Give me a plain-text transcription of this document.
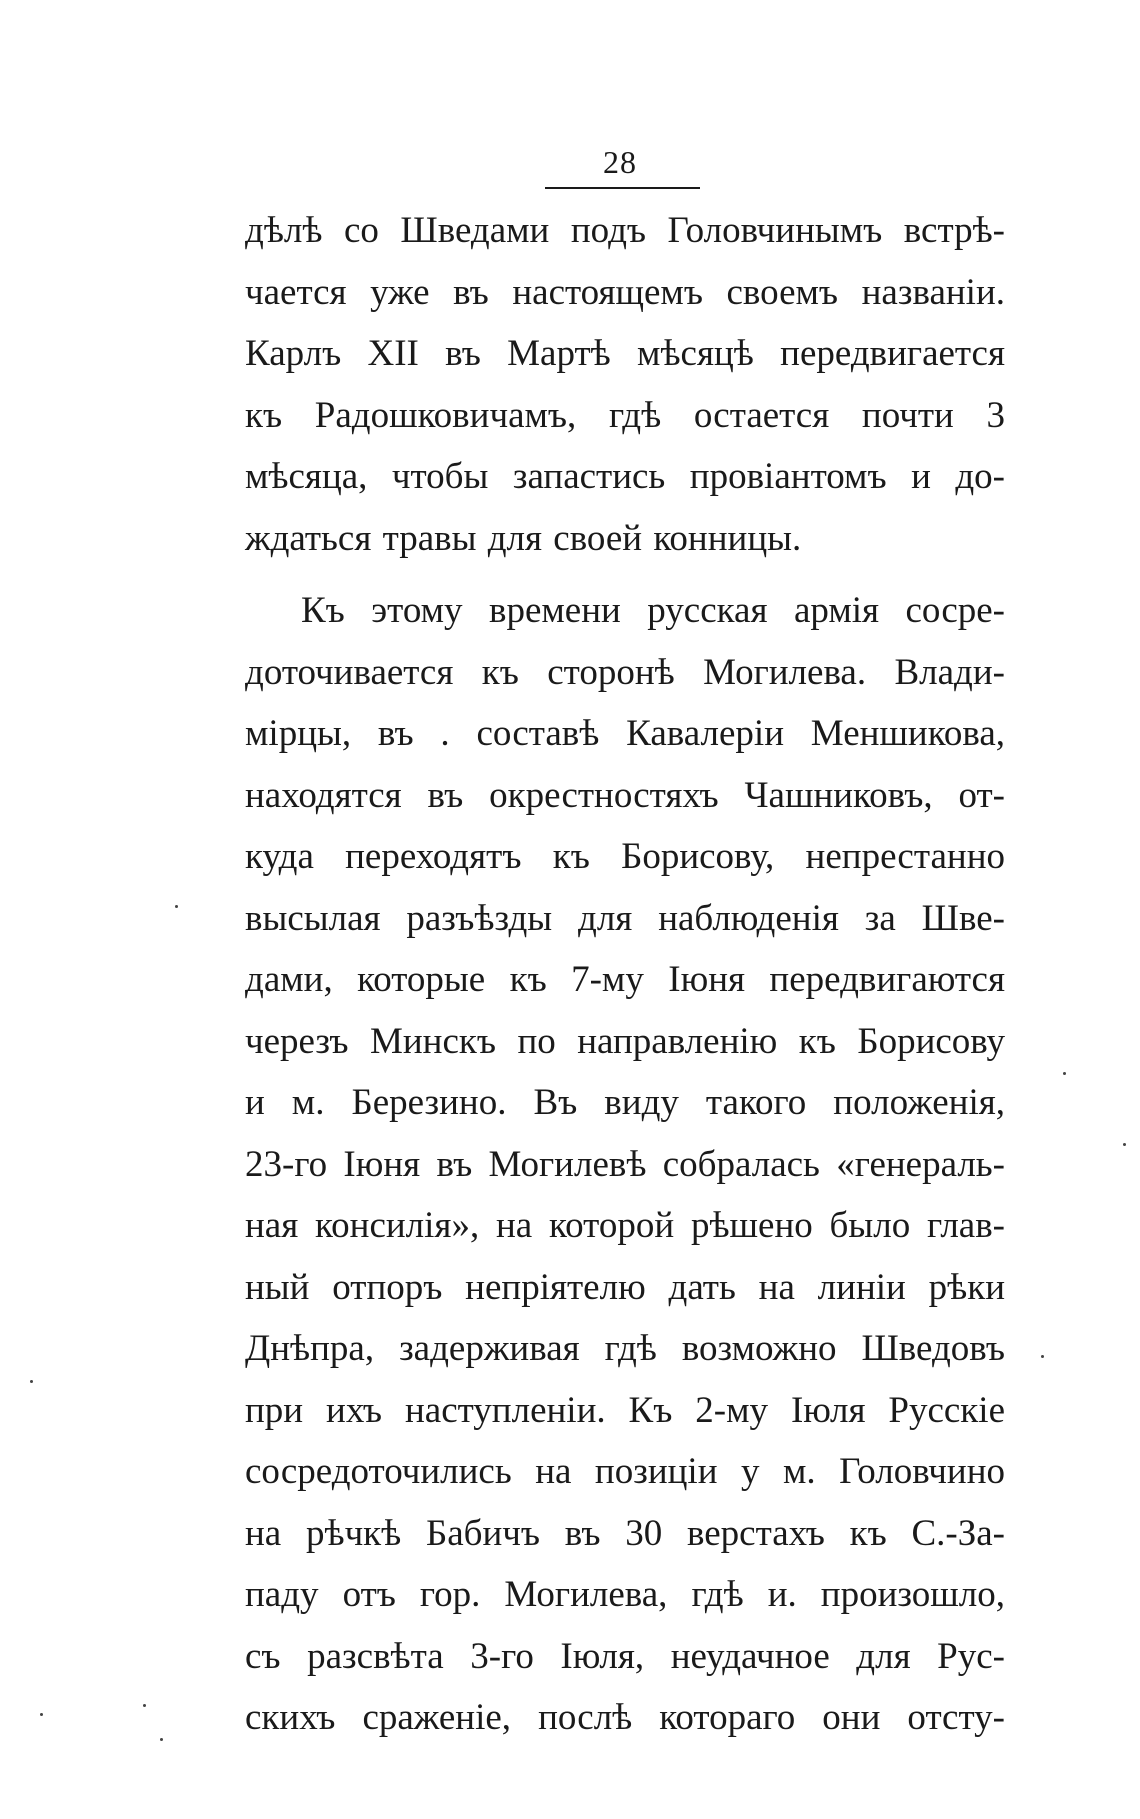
28
дѣлѣ со Шведами подъ Головчинымъ встрѣ-
чается уже въ настоящемъ своемъ названiи.
Карлъ XII въ Мартѣ мѣсяцѣ передвигается
къ Радошковичамъ, гдѣ остается почти 3
мѣсяца, чтобы запастись провiантомъ и до-
ждаться травы для своей конницы.
Къ этому времени русская армiя сосре-
доточивается къ сторонѣ Могилева. Влади-
мiрцы, въ . составѣ Кавалерiи Меншикова,
находятся въ окрестностяхъ Чашниковъ, от-
куда переходятъ къ Борисову, непрестанно
высылая разъѣзды для наблюденiя за Шве-
дами, которые къ 7-му Iюня передвигаются
черезъ Минскъ по направленiю къ Борисову
и м. Березино. Въ виду такого положенiя,
23-го Iюня въ Могилевѣ собралась «генераль-
ная консилiя», на которой рѣшено было глав-
ный отпоръ непрiятелю дать на линiи рѣки
Днѣпра, задерживая гдѣ возможно Шведовъ
при ихъ наступленiи. Къ 2-му Iюля Русскiе
сосредоточились на позицiи у м. Головчино
на рѣчкѣ Бабичъ въ 30 верстахъ къ С.-За-
паду отъ гор. Могилева, гдѣ и. произошло,
съ разсвѣта 3-го Iюля, неудачное для Рус-
скихъ сраженiе, послѣ котораго они отсту-
